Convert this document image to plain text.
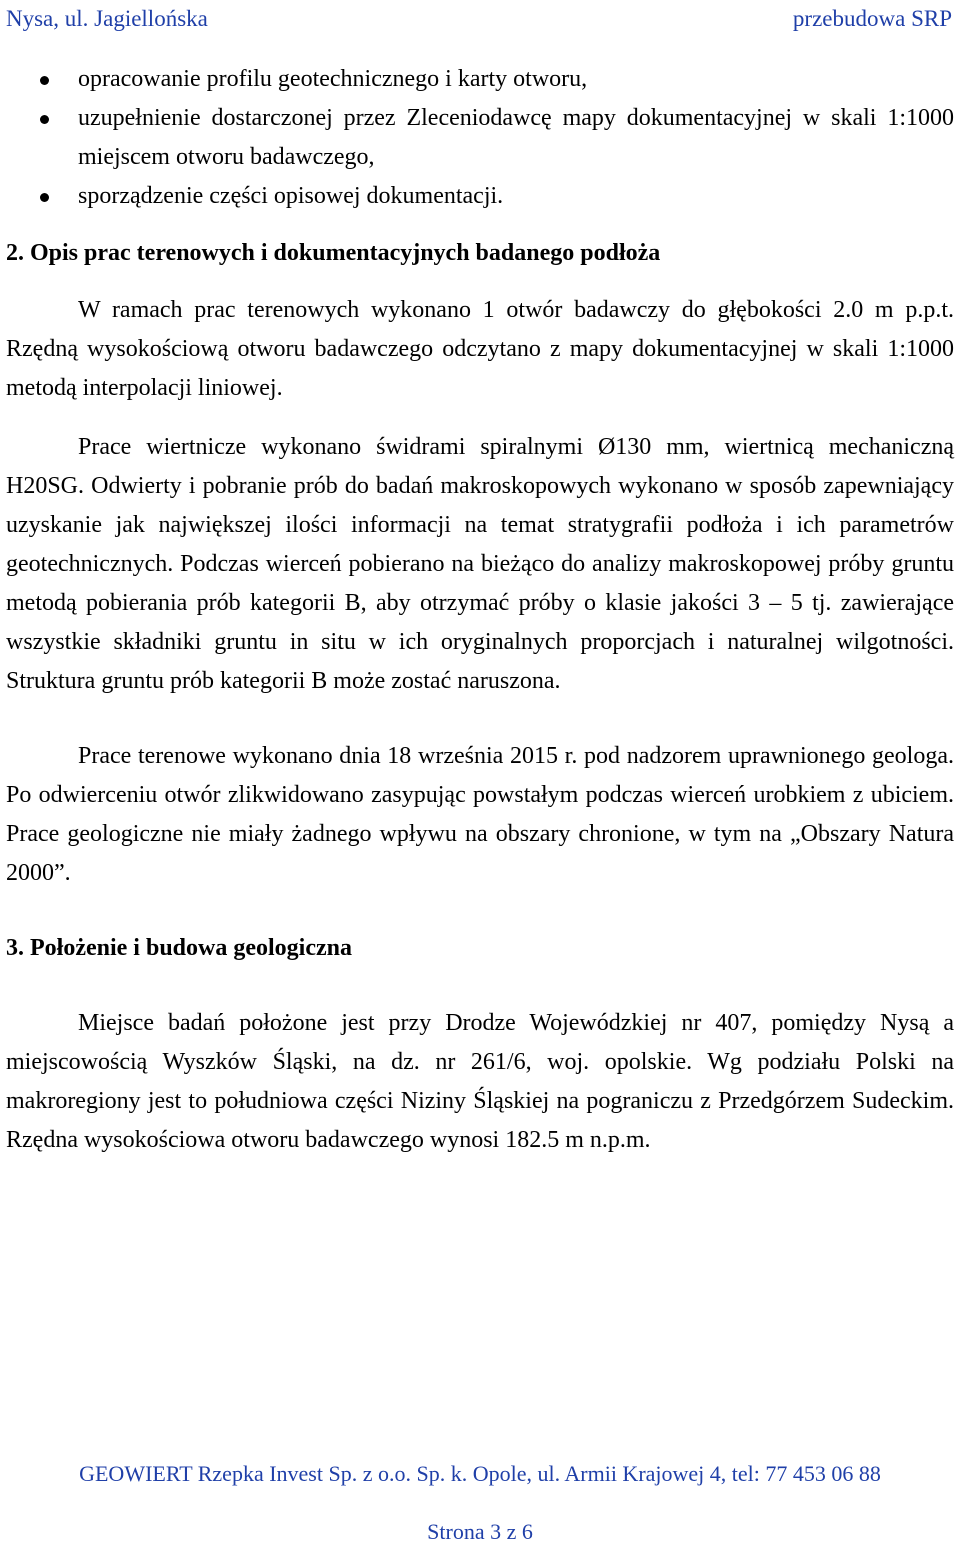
Nysa, ul. Jagiellońska	przebudowa SRP
opracowanie profilu geotechnicznego i karty otworu,
uzupełnienie dostarczonej przez Zleceniodawcę mapy dokumentacyjnej w skali 1:1000 miejscem otworu badawczego,
sporządzenie części opisowej dokumentacji.

2. Opis prac terenowych i dokumentacyjnych badanego podłoża

W ramach prac terenowych wykonano 1 otwór badawczy do głębokości 2.0 m p.p.t. Rzędną wysokościową otworu badawczego odczytano z mapy dokumentacyjnej w skali 1:1000 metodą interpolacji liniowej.

Prace wiertnicze wykonano świdrami spiralnymi Ø130 mm, wiertnicą mechaniczną H20SG. Odwierty i pobranie prób do badań makroskopowych wykonano w sposób zapewniający uzyskanie jak największej ilości informacji na temat stratygrafii podłoża i ich parametrów geotechnicznych. Podczas wierceń pobierano na bieżąco do analizy makroskopowej próby gruntu metodą pobierania prób kategorii B, aby otrzymać próby o klasie jakości 3 – 5 tj. zawierające wszystkie składniki gruntu in situ w ich oryginalnych proporcjach i naturalnej wilgotności. Struktura gruntu prób kategorii B może zostać naruszona.

Prace terenowe wykonano dnia 18 września 2015 r. pod nadzorem uprawnionego geologa. Po odwierceniu otwór zlikwidowano zasypując powstałym podczas wierceń urobkiem z ubiciem. Prace geologiczne nie miały żadnego wpływu na obszary chronione, w tym na „Obszary Natura 2000”.

3. Położenie i budowa geologiczna

Miejsce badań położone jest przy Drodze Wojewódzkiej nr 407, pomiędzy Nysą a miejscowością Wyszków Śląski, na dz. nr 261/6, woj. opolskie. Wg podziału Polski na makroregiony jest to południowa części Niziny Śląskiej na pograniczu z Przedgórzem Sudeckim. Rzędna wysokościowa otworu badawczego wynosi 182.5 m n.p.m.

GEOWIERT Rzepka Invest Sp. z o.o. Sp. k. Opole, ul. Armii Krajowej 4, tel: 77 453 06 88
Strona 3 z 6
